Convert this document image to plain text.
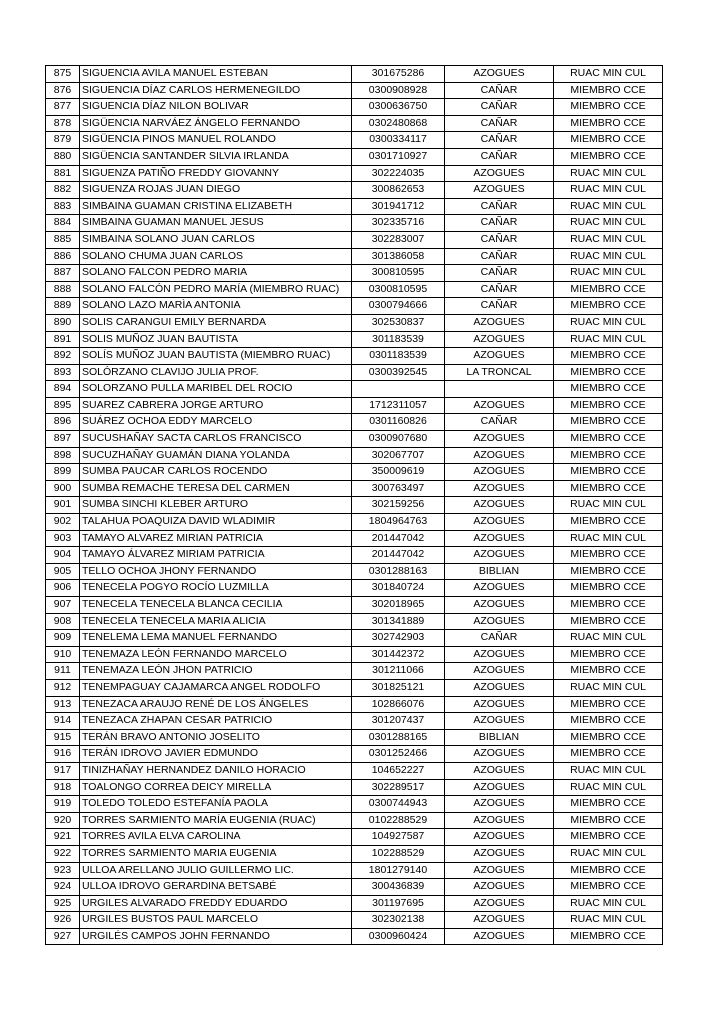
875	SIGUENCIA AVILA MANUEL ESTEBAN	301675286	AZOGUES	RUAC MIN CUL
876	SIGUENCIA DÍAZ CARLOS HERMENEGILDO	0300908928	CAÑAR	MIEMBRO CCE
877	SIGUENCIA DÍAZ NILON BOLIVAR	0300636750	CAÑAR	MIEMBRO CCE
878	SIGÜENCIA NARVÁEZ ÁNGELO FERNANDO	0302480868	CAÑAR	MIEMBRO CCE
879	SIGÜENCIA PINOS MANUEL ROLANDO	0300334117	CAÑAR	MIEMBRO CCE
880	SIGÜENCIA SANTANDER SILVIA IRLANDA	0301710927	CAÑAR	MIEMBRO CCE
881	SIGUENZA PATIÑO FREDDY GIOVANNY	302224035	AZOGUES	RUAC MIN CUL
882	SIGUENZA ROJAS JUAN DIEGO	300862653	AZOGUES	RUAC MIN CUL
883	SIMBAINA GUAMAN CRISTINA ELIZABETH	301941712	CAÑAR	RUAC MIN CUL
884	SIMBAINA GUAMAN MANUEL JESUS	302335716	CAÑAR	RUAC MIN CUL
885	SIMBAINA SOLANO JUAN CARLOS	302283007	CAÑAR	RUAC MIN CUL
886	SOLANO CHUMA JUAN CARLOS	301386058	CAÑAR	RUAC MIN CUL
887	SOLANO FALCON PEDRO MARIA	300810595	CAÑAR	RUAC MIN CUL
888	SOLANO FALCÓN PEDRO MARÍA (MIEMBRO RUAC)	0300810595	CAÑAR	MIEMBRO CCE
889	SOLANO LAZO MARÌA ANTONIA	0300794666	CAÑAR	MIEMBRO CCE
890	SOLIS CARANGUI EMILY BERNARDA	302530837	AZOGUES	RUAC MIN CUL
891	SOLIS MUÑOZ JUAN BAUTISTA	301183539	AZOGUES	RUAC MIN CUL
892	SOLÍS MUÑOZ JUAN BAUTISTA (MIEMBRO RUAC)	0301183539	AZOGUES	MIEMBRO CCE
893	SOLÓRZANO CLAVIJO JULIA PROF.	0300392545	LA TRONCAL	MIEMBRO CCE
894	SOLORZANO PULLA MARIBEL DEL ROCIO			MIEMBRO CCE
895	SUAREZ CABRERA JORGE ARTURO	1712311057	AZOGUES	MIEMBRO CCE
896	SUÁREZ OCHOA EDDY MARCELO	0301160826	CAÑAR	MIEMBRO CCE
897	SUCUSHAÑAY SACTA CARLOS FRANCISCO	0300907680	AZOGUES	MIEMBRO CCE
898	SUCUZHAÑAY GUAMÁN DIANA YOLANDA	302067707	AZOGUES	MIEMBRO CCE
899	SUMBA PAUCAR CARLOS ROCENDO	350009619	AZOGUES	MIEMBRO CCE
900	SUMBA REMACHE TERESA DEL CARMEN	300763497	AZOGUES	MIEMBRO CCE
901	SUMBA SINCHI KLEBER ARTURO	302159256	AZOGUES	RUAC MIN CUL
902	TALAHUA POAQUIZA DAVID WLADIMIR	1804964763	AZOGUES	MIEMBRO CCE
903	TAMAYO ALVAREZ MIRIAN PATRICIA	201447042	AZOGUES	RUAC MIN CUL
904	TAMAYO ÁLVAREZ MIRIAM PATRICIA	201447042	AZOGUES	MIEMBRO CCE
905	TELLO OCHOA JHONY FERNANDO	0301288163	BIBLIAN	MIEMBRO CCE
906	TENECELA POGYO ROCÍO LUZMILLA	301840724	AZOGUES	MIEMBRO CCE
907	TENECELA TENECELA BLANCA CECILIA	302018965	AZOGUES	MIEMBRO CCE
908	TENECELA TENECELA MARIA ALICIA	301341889	AZOGUES	MIEMBRO CCE
909	TENELEMA LEMA MANUEL FERNANDO	302742903	CAÑAR	RUAC MIN CUL
910	TENEMAZA LEÓN FERNANDO MARCELO	301442372	AZOGUES	MIEMBRO CCE
911	TENEMAZA LEÓN JHON PATRICIO	301211066	AZOGUES	MIEMBRO CCE
912	TENEMPAGUAY CAJAMARCA ANGEL RODOLFO	301825121	AZOGUES	RUAC MIN CUL
913	TENEZACA ARAUJO RENÉ DE LOS ÁNGELES	102866076	AZOGUES	MIEMBRO CCE
914	TENEZACA ZHAPAN CESAR PATRICIO	301207437	AZOGUES	MIEMBRO CCE
915	TERÁN BRAVO ANTONIO JOSELITO	0301288165	BIBLIAN	MIEMBRO CCE
916	TERÁN IDROVO JAVIER EDMUNDO	0301252466	AZOGUES	MIEMBRO CCE
917	TINIZHAÑAY HERNANDEZ DANILO HORACIO	104652227	AZOGUES	RUAC MIN CUL
918	TOALONGO CORREA DEICY MIRELLA	302289517	AZOGUES	RUAC MIN CUL
919	TOLEDO TOLEDO ESTEFANÍA PAOLA	0300744943	AZOGUES	MIEMBRO CCE
920	TORRES SARMIENTO MARÍA EUGENIA (RUAC)	0102288529	AZOGUES	MIEMBRO CCE
921	TORRES AVILA ELVA CAROLINA	104927587	AZOGUES	MIEMBRO CCE
922	TORRES SARMIENTO MARIA EUGENIA	102288529	AZOGUES	RUAC MIN CUL
923	ULLOA ARELLANO JULIO GUILLERMO LIC.	1801279140	AZOGUES	MIEMBRO CCE
924	ULLOA IDROVO GERARDINA BETSABÉ	300436839	AZOGUES	MIEMBRO CCE
925	URGILES ALVARADO FREDDY EDUARDO	301197695	AZOGUES	RUAC MIN CUL
926	URGILES BUSTOS PAUL MARCELO	302302138	AZOGUES	RUAC MIN CUL
927	URGILÉS CAMPOS JOHN FERNANDO	0300960424	AZOGUES	MIEMBRO CCE
